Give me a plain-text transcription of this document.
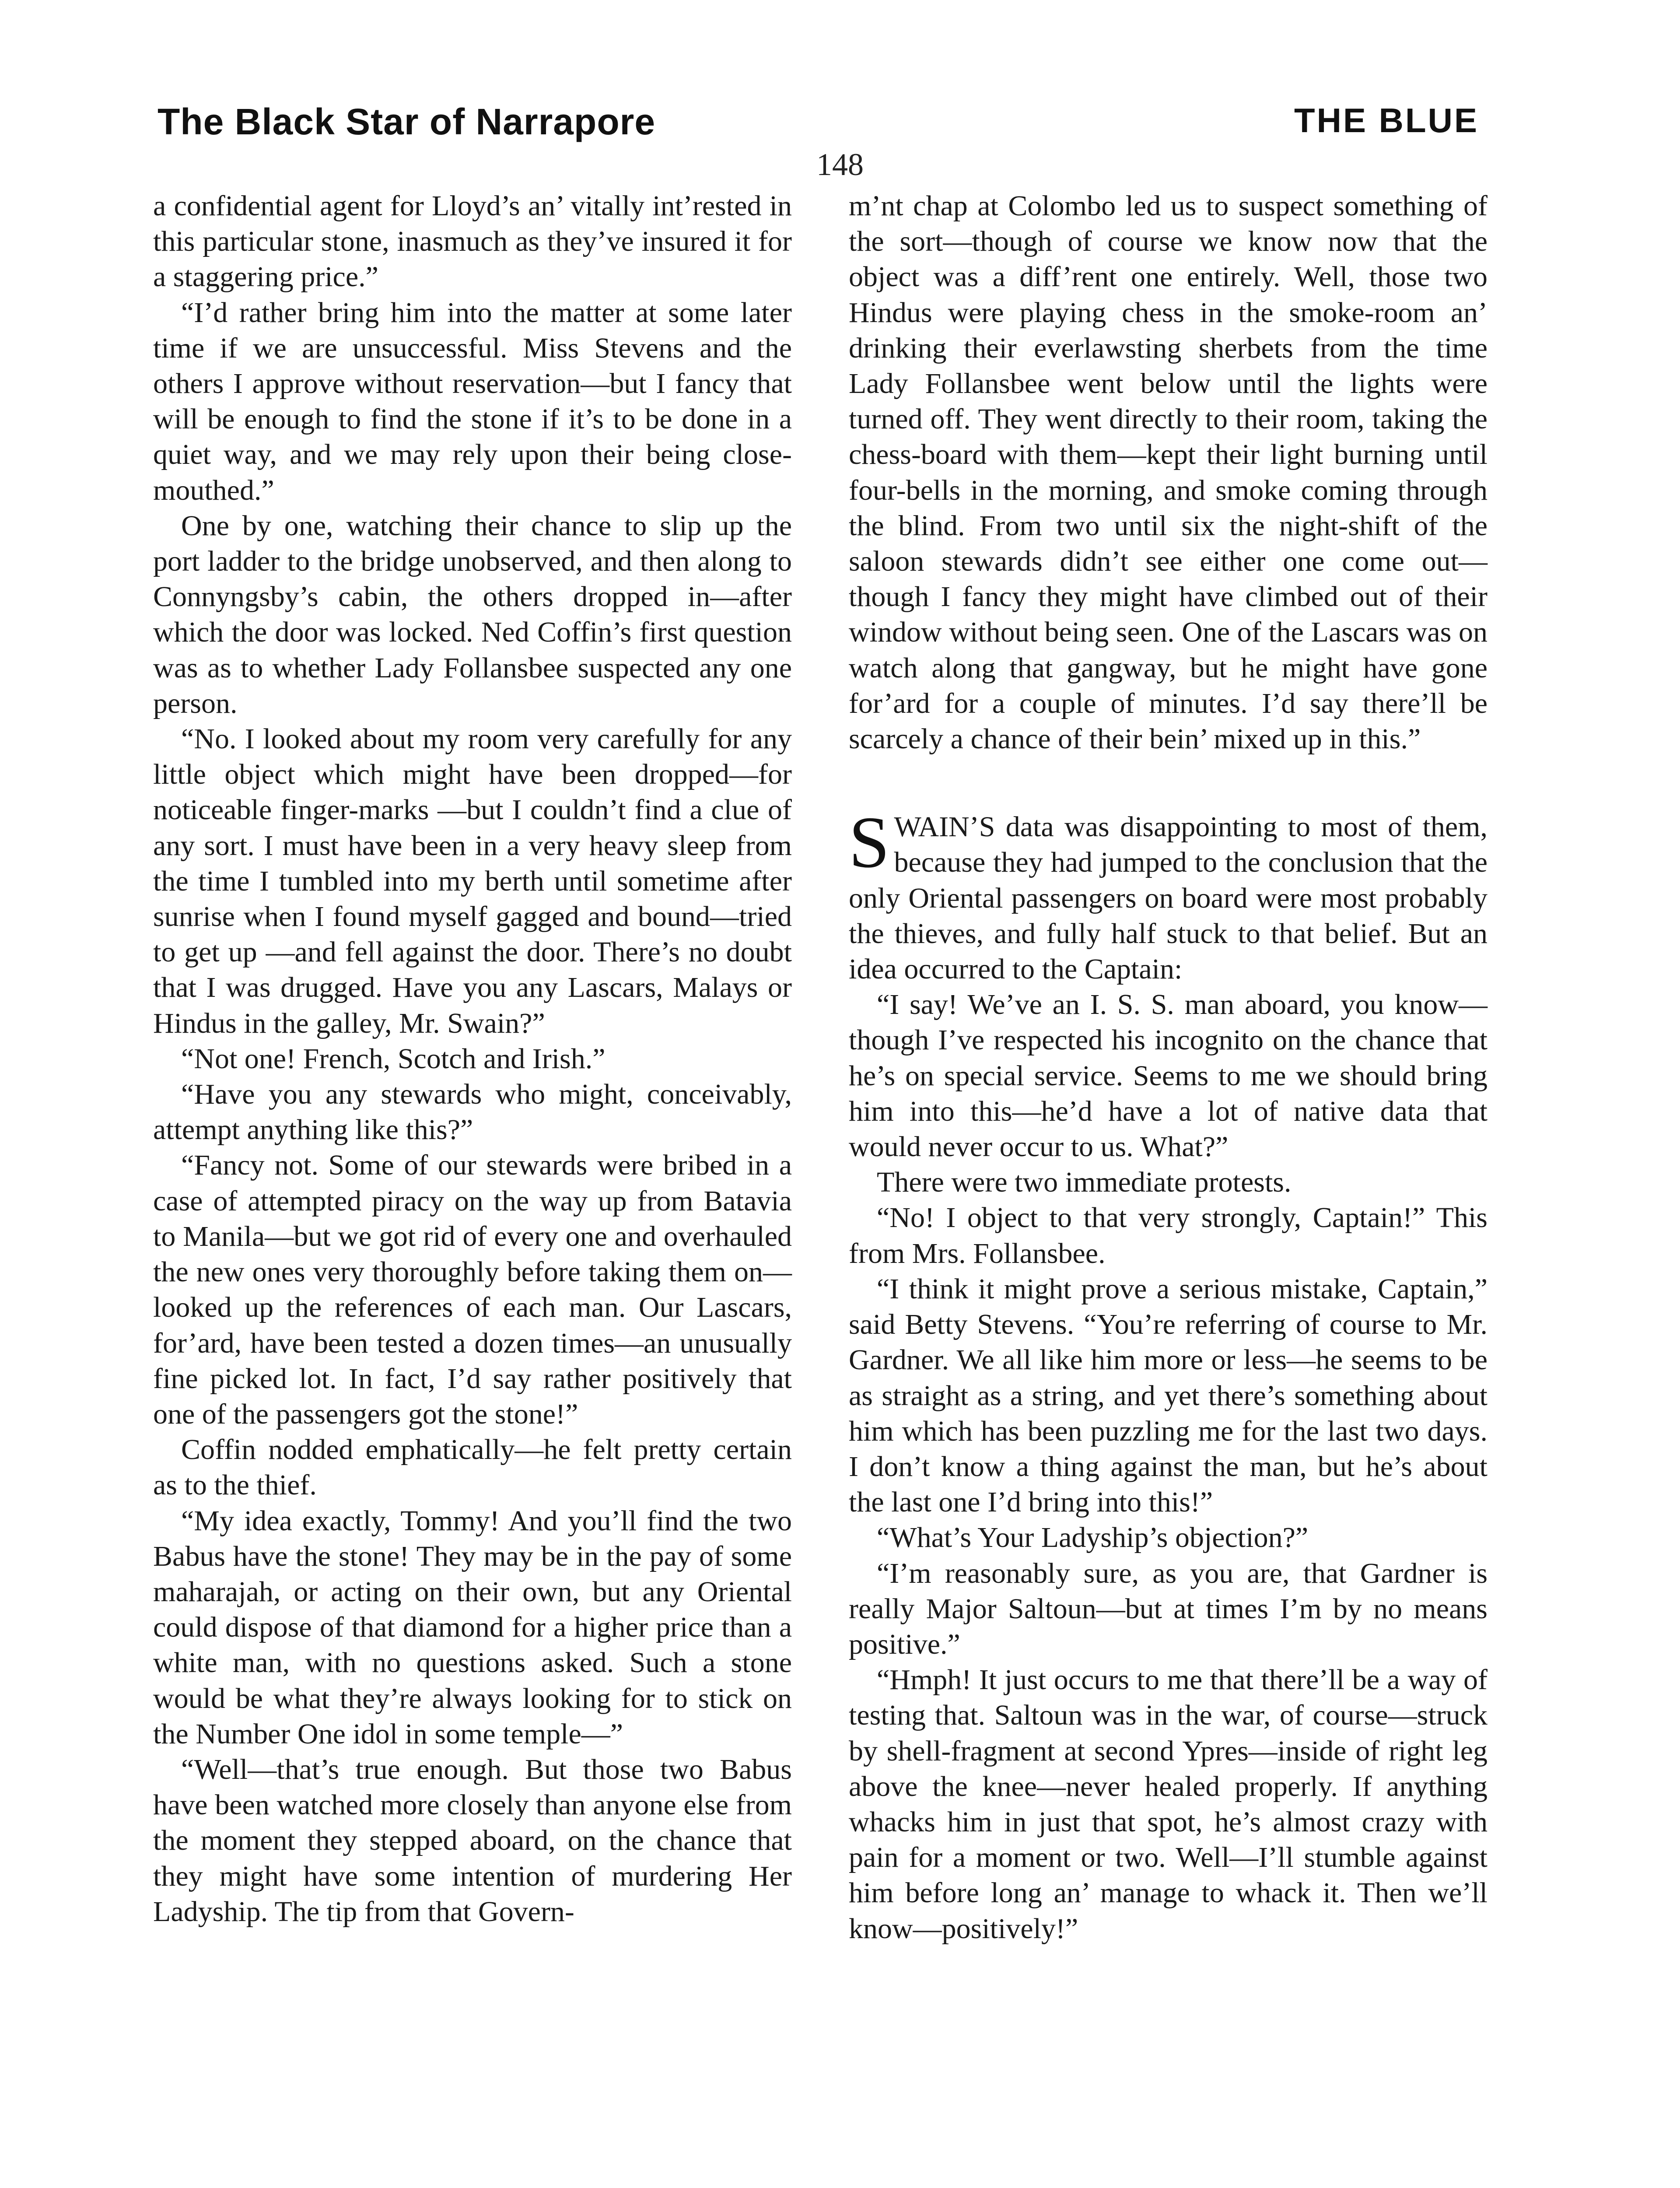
The Black Star of Narrapore	THE BLUE
148

a confidential agent for Lloyd’s an’ vitally int’rested in this particular stone, inasmuch as they’ve insured it for a staggering price.”

“I’d rather bring him into the matter at some later time if we are unsuccessful. Miss Stevens and the others I approve without reservation—but I fancy that will be enough to find the stone if it’s to be done in a quiet way, and we may rely upon their being close-mouthed.”

One by one, watching their chance to slip up the port ladder to the bridge unobserved, and then along to Connyngsby’s cabin, the others dropped in—after which the door was locked. Ned Coffin’s first question was as to whether Lady Follansbee suspected any one person.

“No. I looked about my room very carefully for any little object which might have been dropped—for noticeable finger-marks —but I couldn’t find a clue of any sort. I must have been in a very heavy sleep from the time I tumbled into my berth until sometime after sunrise when I found myself gagged and bound—tried to get up —and fell against the door. There’s no doubt that I was drugged. Have you any Lascars, Malays or Hindus in the galley, Mr. Swain?”

“Not one! French, Scotch and Irish.”

“Have you any stewards who might, conceivably, attempt anything like this?”

“Fancy not. Some of our stewards were bribed in a case of attempted piracy on the way up from Batavia to Manila—but we got rid of every one and overhauled the new ones very thoroughly before taking them on—looked up the references of each man. Our Lascars, for’ard, have been tested a dozen times—an unusually fine picked lot. In fact, I’d say rather positively that one of the passengers got the stone!”

Coffin nodded emphatically—he felt pretty certain as to the thief.

“My idea exactly, Tommy! And you’ll find the two Babus have the stone! They may be in the pay of some maharajah, or acting on their own, but any Oriental could dispose of that diamond for a higher price than a white man, with no questions asked. Such a stone would be what they’re always looking for to stick on the Number One idol in some temple—”

“Well—that’s true enough. But those two Babus have been watched more closely than anyone else from the moment they stepped aboard, on the chance that they might have some intention of murdering Her Ladyship. The tip from that Govern-

m’nt chap at Colombo led us to suspect something of the sort—though of course we know now that the object was a diff’rent one entirely. Well, those two Hindus were playing chess in the smoke-room an’ drinking their everlawsting sherbets from the time Lady Follansbee went below until the lights were turned off. They went directly to their room, taking the chess-board with them—kept their light burning until four-bells in the morning, and smoke coming through the blind. From two until six the night-shift of the saloon stewards didn’t see either one come out—though I fancy they might have climbed out of their window without being seen. One of the Lascars was on watch along that gangway, but he might have gone for’ard for a couple of minutes. I’d say there’ll be scarcely a chance of their bein’ mixed up in this.”

SWAIN’S data was disappointing to most of them, because they had jumped to the conclusion that the only Oriental passengers on board were most probably the thieves, and fully half stuck to that belief. But an idea occurred to the Captain:

“I say! We’ve an I. S. S. man aboard, you know—though I’ve respected his incognito on the chance that he’s on special service. Seems to me we should bring him into this—he’d have a lot of native data that would never occur to us. What?”

There were two immediate protests.

“No! I object to that very strongly, Captain!” This from Mrs. Follansbee.

“I think it might prove a serious mistake, Captain,” said Betty Stevens. “You’re referring of course to Mr. Gardner. We all like him more or less—he seems to be as straight as a string, and yet there’s something about him which has been puzzling me for the last two days. I don’t know a thing against the man, but he’s about the last one I’d bring into this!”

“What’s Your Ladyship’s objection?”

“I’m reasonably sure, as you are, that Gardner is really Major Saltoun—but at times I’m by no means positive.”

“Hmph! It just occurs to me that there’ll be a way of testing that. Saltoun was in the war, of course—struck by shell-fragment at second Ypres—inside of right leg above the knee—never healed properly. If anything whacks him in just that spot, he’s almost crazy with pain for a moment or two. Well—I’ll stumble against him before long an’ manage to whack it. Then we’ll know—positively!”
